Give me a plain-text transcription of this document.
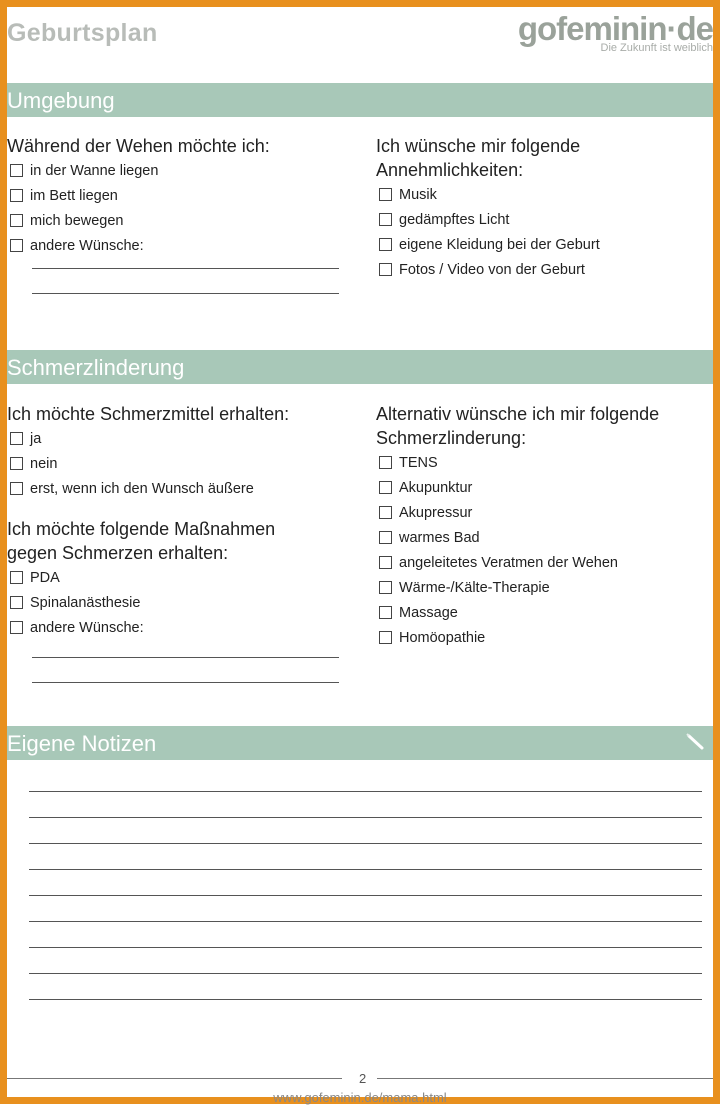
Geburtsplan	gofeminin·de
Die Zukunft ist weiblich
Umgebung

Während der Wehen möchte ich:

in der Wanne liegen
im Bett liegen
mich bewegen
andere Wünsche:

Ich wünsche mir folgende

Annehmlichkeiten:

Musik
gedämpftes Licht
eigene Kleidung bei der Geburt
Fotos / Video von der Geburt
Schmerzlinderung

Ich möchte Schmerzmittel erhalten:

ja
nein
erst, wenn ich den Wunsch äußere

Ich möchte folgende Maßnahmen

gegen Schmerzen erhalten:

PDA
Spinalanästhesie
andere Wünsche:

Alternativ wünsche ich mir folgende

Schmerzlinderung:

TENS
Akupunktur
Akupressur
warmes Bad
angeleitetes Veratmen der Wehen
Wärme-/Kälte-Therapie
Massage
Homöopathie
Eigene Notizen
2
www.gofeminin.de/mama.html
